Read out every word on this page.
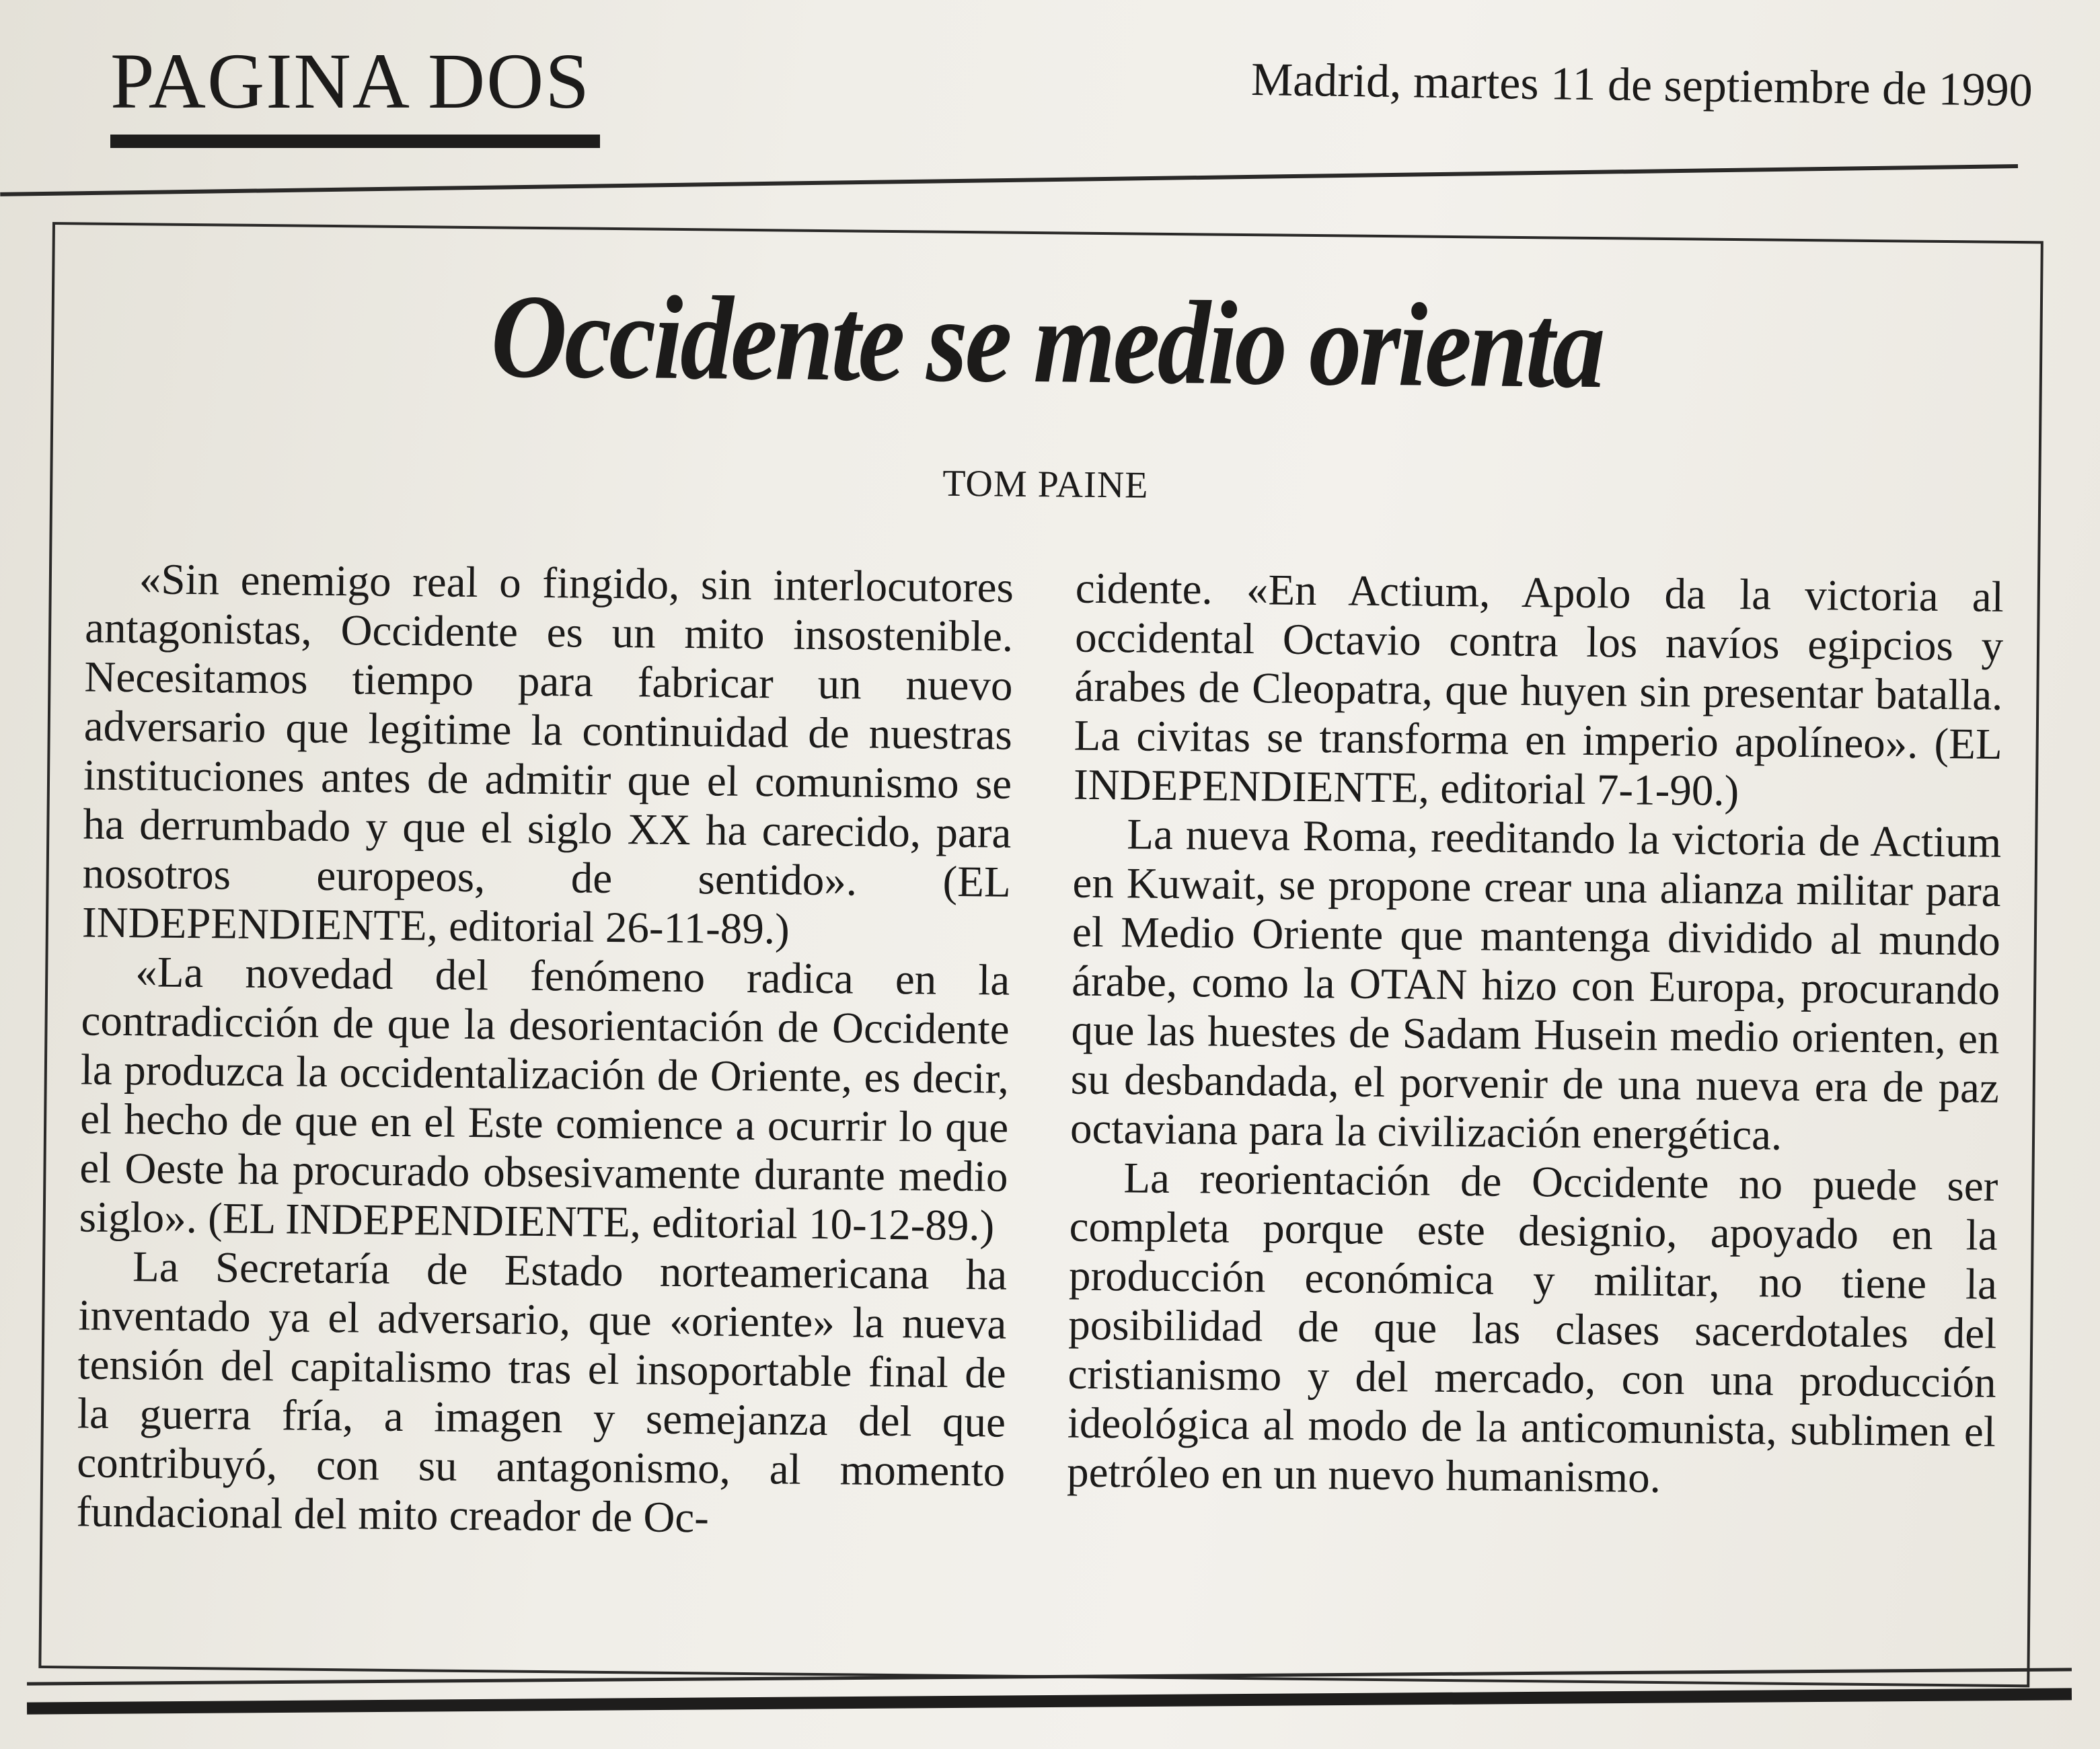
PAGINA DOS	Madrid, martes 11 de septiembre de 1990
Occidente se medio orienta
TOM PAINE

«Sin enemigo real o fingido, sin interlocutores antagonistas, Occidente es un mito insostenible. Necesitamos tiempo para fabricar un nuevo adversario que legitime la continuidad de nuestras instituciones antes de admitir que el comunismo se ha derrumbado y que el siglo XX ha carecido, para nosotros europeos, de sentido». (EL INDEPENDIENTE, editorial 26-11-89.)

«La novedad del fenómeno radica en la contradicción de que la desorientación de Occidente la produzca la occidentalización de Oriente, es decir, el hecho de que en el Este comience a ocurrir lo que el Oeste ha procurado obsesivamente durante medio siglo». (EL INDEPENDIENTE, editorial 10-12-89.)

La Secretaría de Estado norteamericana ha inventado ya el adversario, que «oriente» la nueva tensión del capitalismo tras el insoportable final de la guerra fría, a imagen y semejanza del que contribuyó, con su antagonismo, al momento fundacional del mito creador de Oc-

cidente. «En Actium, Apolo da la victoria al occidental Octavio contra los navíos egipcios y árabes de Cleopatra, que huyen sin presentar batalla. La civitas se transforma en imperio apolíneo». (EL INDEPENDIENTE, editorial 7-1-90.)

La nueva Roma, reeditando la victoria de Actium en Kuwait, se propone crear una alianza militar para el Medio Oriente que mantenga dividido al mundo árabe, como la OTAN hizo con Europa, procurando que las huestes de Sadam Husein medio orienten, en su desbandada, el porvenir de una nueva era de paz octaviana para la civilización energética.

La reorientación de Occidente no puede ser completa porque este designio, apoyado en la producción económica y militar, no tiene la posibilidad de que las clases sacerdotales del cristianismo y del mercado, con una producción ideológica al modo de la anticomunista, sublimen el petróleo en un nuevo humanismo.
